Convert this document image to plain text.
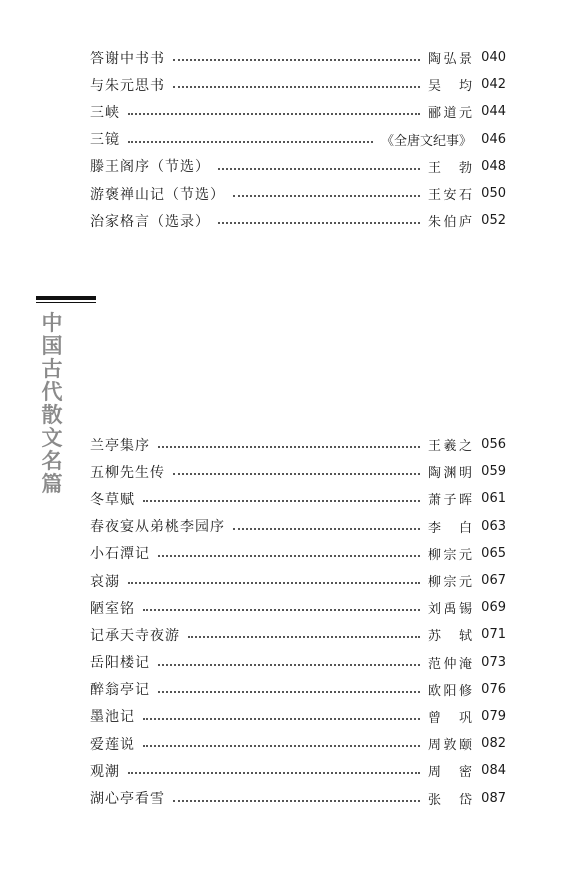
答谢中书书	陶弘景 040
与朱元思书	吴　均 042
三峡	郦道元 044
三镜	《全唐文纪事》 046
滕王阁序（节选）	王　勃 048
游褒禅山记（节选）	王安石 050
治家格言（选录）	朱伯庐 052
中
国
古
代
散
文
名
篇
兰亭集序	王羲之 056
五柳先生传	陶渊明 059
冬草赋	萧子晖 061
春夜宴从弟桃李园序	李　白 063
小石潭记	柳宗元 065
哀溺	柳宗元 067
陋室铭	刘禹锡 069
记承天寺夜游	苏　轼 071
岳阳楼记	范仲淹 073
醉翁亭记	欧阳修 076
墨池记	曾　巩 079
爱莲说	周敦颐 082
观潮	周　密 084
湖心亭看雪	张　岱 087
